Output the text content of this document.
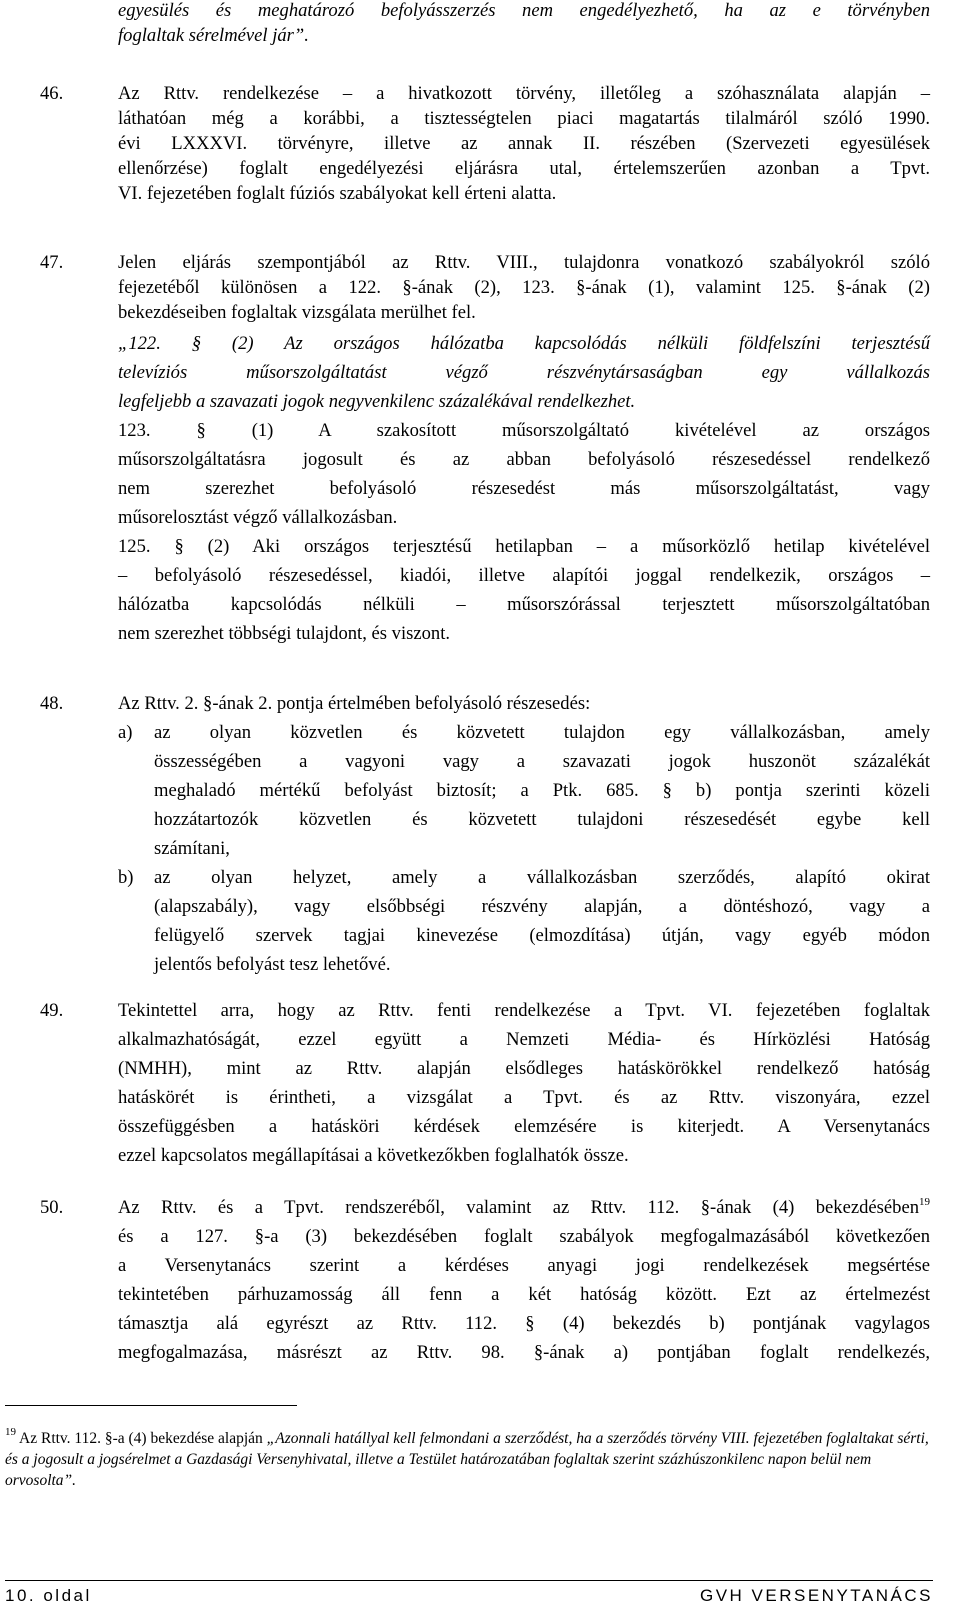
egyesülés és meghatározó befolyásszerzés nem engedélyezhető, ha az e törvényben
foglaltak sérelmével jár”.
46.	Az Rttv. rendelkezése – a hivatkozott törvény, illetőleg a szóhasználata alapján –
láthatóan még a korábbi, a tisztességtelen piaci magatartás tilalmáról szóló 1990.
évi LXXXVI. törvényre, illetve az annak II. részében (Szervezeti egyesülések
ellenőrzése) foglalt engedélyezési eljárásra utal, értelemszerűen azonban a Tpvt.
VI. fejezetében foglalt fúziós szabályokat kell érteni alatta.
47.	Jelen eljárás szempontjából az Rttv. VIII., tulajdonra vonatkozó szabályokról szóló
fejezetéből különösen a 122. §-ának (2), 123. §-ának (1), valamint 125. §-ának (2)
bekezdéseiben foglaltak vizsgálata merülhet fel.
„122. § (2) Az országos hálózatba kapcsolódás nélküli földfelszíni terjesztésű
televíziós műsorszolgáltatást végző részvénytársaságban egy vállalkozás
legfeljebb a szavazati jogok negyvenkilenc százalékával rendelkezhet.
123. § (1) A szakosított műsorszolgáltató kivételével az országos
műsorszolgáltatásra jogosult és az abban befolyásoló részesedéssel rendelkező
nem szerezhet befolyásoló részesedést más műsorszolgáltatást, vagy
műsorelosztást végző vállalkozásban.
125. § (2) Aki országos terjesztésű hetilapban – a műsorközlő hetilap kivételével
– befolyásoló részesedéssel, kiadói, illetve alapítói joggal rendelkezik, országos –
hálózatba kapcsolódás nélküli – műsorszórással terjesztett műsorszolgáltatóban
nem szerezhet többségi tulajdont, és viszont.
48.	Az Rttv. 2. §-ának 2. pontja értelmében befolyásoló részesedés:
a) az olyan közvetlen és közvetett tulajdon egy vállalkozásban, amely
összességében a vagyoni vagy a szavazati jogok huszonöt százalékát
meghaladó mértékű befolyást biztosít; a Ptk. 685. § b) pontja szerinti közeli
hozzátartozók közvetlen és közvetett tulajdoni részesedését egybe kell
számítani,
b) az olyan helyzet, amely a vállalkozásban szerződés, alapító okirat
(alapszabály), vagy elsőbbségi részvény alapján, a döntéshozó, vagy a
felügyelő szervek tagjai kinevezése (elmozdítása) útján, vagy egyéb módon
jelentős befolyást tesz lehetővé.
49.	Tekintettel arra, hogy az Rttv. fenti rendelkezése a Tpvt. VI. fejezetében foglaltak
alkalmazhatóságát, ezzel együtt a Nemzeti Média- és Hírközlési Hatóság
(NMHH), mint az Rttv. alapján elsődleges hatáskörökkel rendelkező hatóság
hatáskörét is érintheti, a vizsgálat a Tpvt. és az Rttv. viszonyára, ezzel
összefüggésben a hatásköri kérdések elemzésére is kiterjedt. A Versenytanács
ezzel kapcsolatos megállapításai a következőkben foglalhatók össze.
50.	Az Rttv. és a Tpvt. rendszeréből, valamint az Rttv. 112. §-ának (4) bekezdésében$^{19}$
és a 127. §-a (3) bekezdésében foglalt szabályok megfogalmazásából következően
a Versenytanács szerint a kérdéses anyagi jogi rendelkezések megsértése
tekintetében párhuzamosság áll fenn a két hatóság között. Ezt az értelmezést
támasztja alá egyrészt az Rttv. 112. § (4) bekezdés b) pontjának vagylagos
megfogalmazása, másrészt az Rttv. 98. §-ának a) pontjában foglalt rendelkezés,
$^{19}$ Az Rttv. 112. §-a (4) bekezdése alapján „Azonnali hatállyal kell felmondani a szerződést, ha a szerződés törvény VIII. fejezetében foglaltakat sérti, és a jogosult a jogsérelmet a Gazdasági Versenyhivatal, illetve a Testület határozatában foglaltak szerint százhúszonkilenc napon belül nem orvosolta”.
10. oldal	GVH VERSENYTANÁCS
